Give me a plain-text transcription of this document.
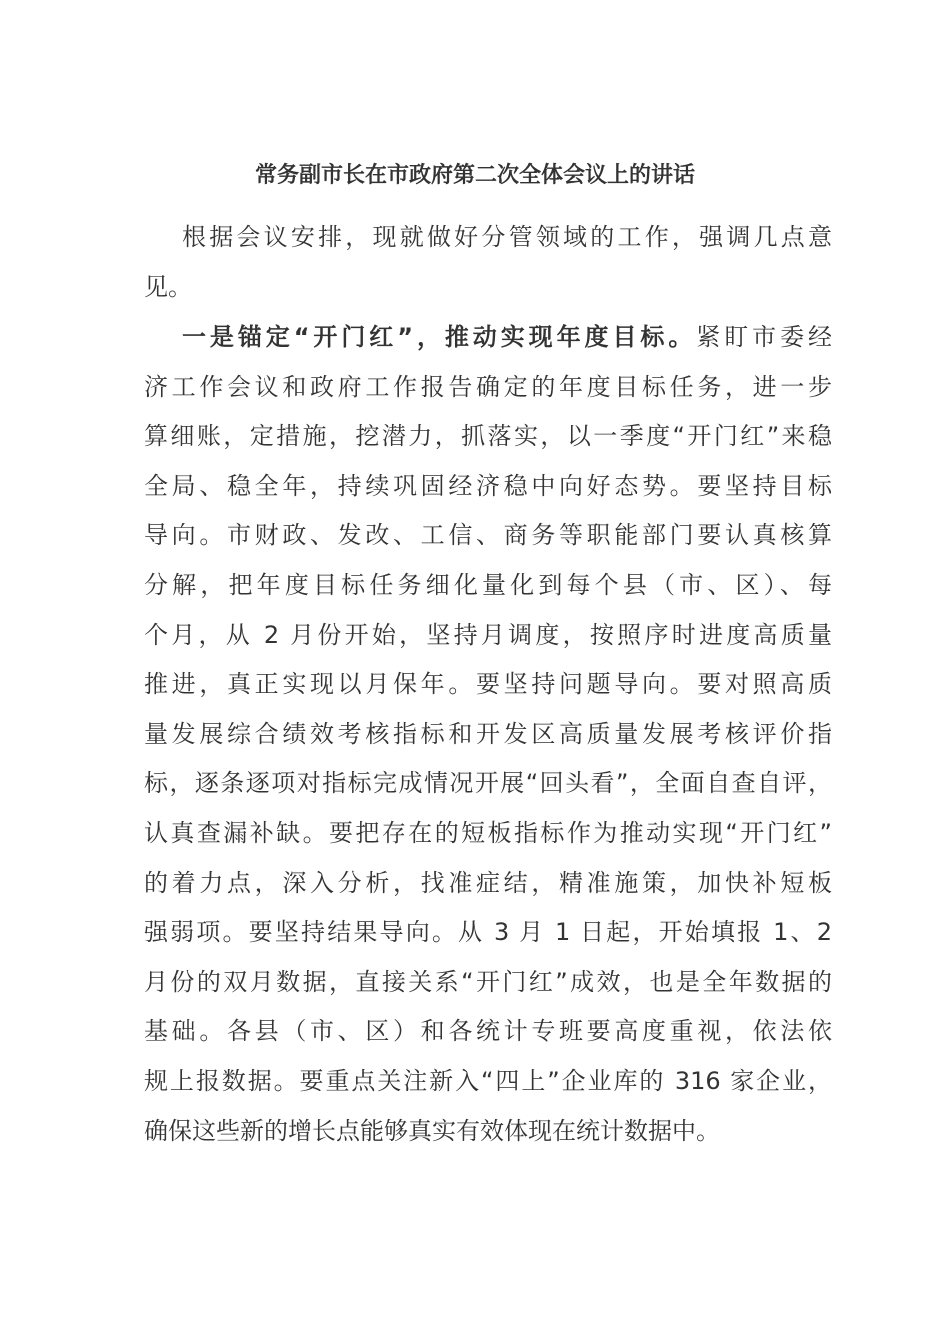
常务副市长在市政府第二次全体会议上的讲话
根据会议安排，现就做好分管领域的工作，强调几点意
见。
一是锚定“开门红”，推动实现年度目标。紧盯市委经
济工作会议和政府工作报告确定的年度目标任务，进一步
算细账，定措施，挖潜力，抓落实，以一季度“开门红”来稳
全局、稳全年，持续巩固经济稳中向好态势。要坚持目标
导向。市财政、发改、工信、商务等职能部门要认真核算
分解，把年度目标任务细化量化到每个县（市、区）、每
个月，从 2 月份开始，坚持月调度，按照序时进度高质量
推进，真正实现以月保年。要坚持问题导向。要对照高质
量发展综合绩效考核指标和开发区高质量发展考核评价指
标，逐条逐项对指标完成情况开展“回头看”，全面自查自评，
认真查漏补缺。要把存在的短板指标作为推动实现“开门红”
的着力点，深入分析，找准症结，精准施策，加快补短板
强弱项。要坚持结果导向。从 3 月 1 日起，开始填报 1、2
月份的双月数据，直接关系“开门红”成效，也是全年数据的
基础。各县（市、区）和各统计专班要高度重视，依法依
规上报数据。要重点关注新入“四上”企业库的 316 家企业，
确保这些新的增长点能够真实有效体现在统计数据中。
